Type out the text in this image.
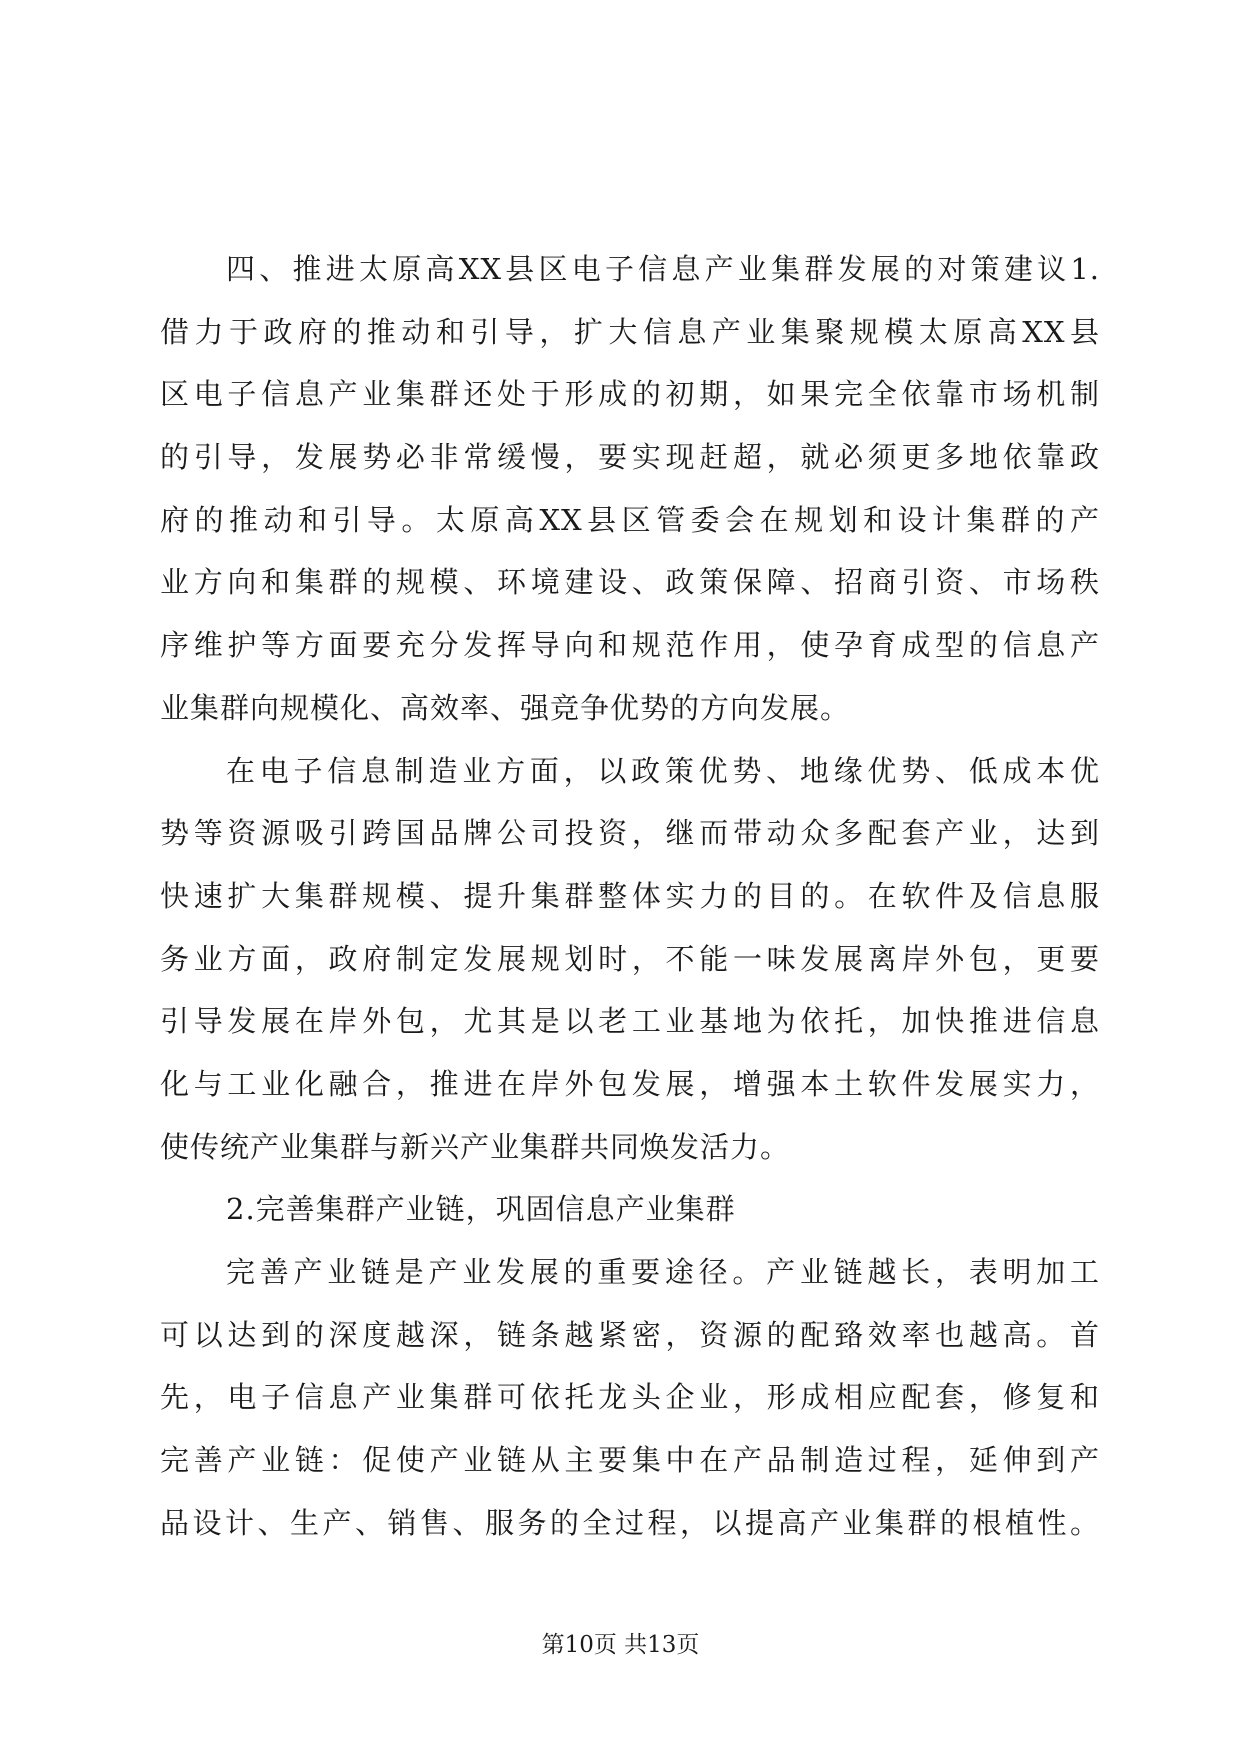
四、推进太原高XX县区电子信息产业集群发展的对策建议1.
借力于政府的推动和引导，扩大信息产业集聚规模太原高XX县
区电子信息产业集群还处于形成的初期，如果完全依靠市场机制
的引导，发展势必非常缓慢，要实现赶超，就必须更多地依靠政
府的推动和引导。太原高XX县区管委会在规划和设计集群的产
业方向和集群的规模、环境建设、政策保障、招商引资、市场秩
序维护等方面要充分发挥导向和规范作用，使孕育成型的信息产
业集群向规模化、高效率、强竞争优势的方向发展。
在电子信息制造业方面，以政策优势、地缘优势、低成本优
势等资源吸引跨国品牌公司投资，继而带动众多配套产业，达到
快速扩大集群规模、提升集群整体实力的目的。在软件及信息服
务业方面，政府制定发展规划时，不能一味发展离岸外包，更要
引导发展在岸外包，尤其是以老工业基地为依托，加快推进信息
化与工业化融合，推进在岸外包发展，增强本土软件发展实力，
使传统产业集群与新兴产业集群共同焕发活力。
2.完善集群产业链，巩固信息产业集群
完善产业链是产业发展的重要途径。产业链越长，表明加工
可以达到的深度越深，链条越紧密，资源的配臵效率也越高。首
先，电子信息产业集群可依托龙头企业，形成相应配套，修复和
完善产业链：促使产业链从主要集中在产品制造过程，延伸到产
品设计、生产、销售、服务的全过程，以提高产业集群的根植性。
第10页 共13页
